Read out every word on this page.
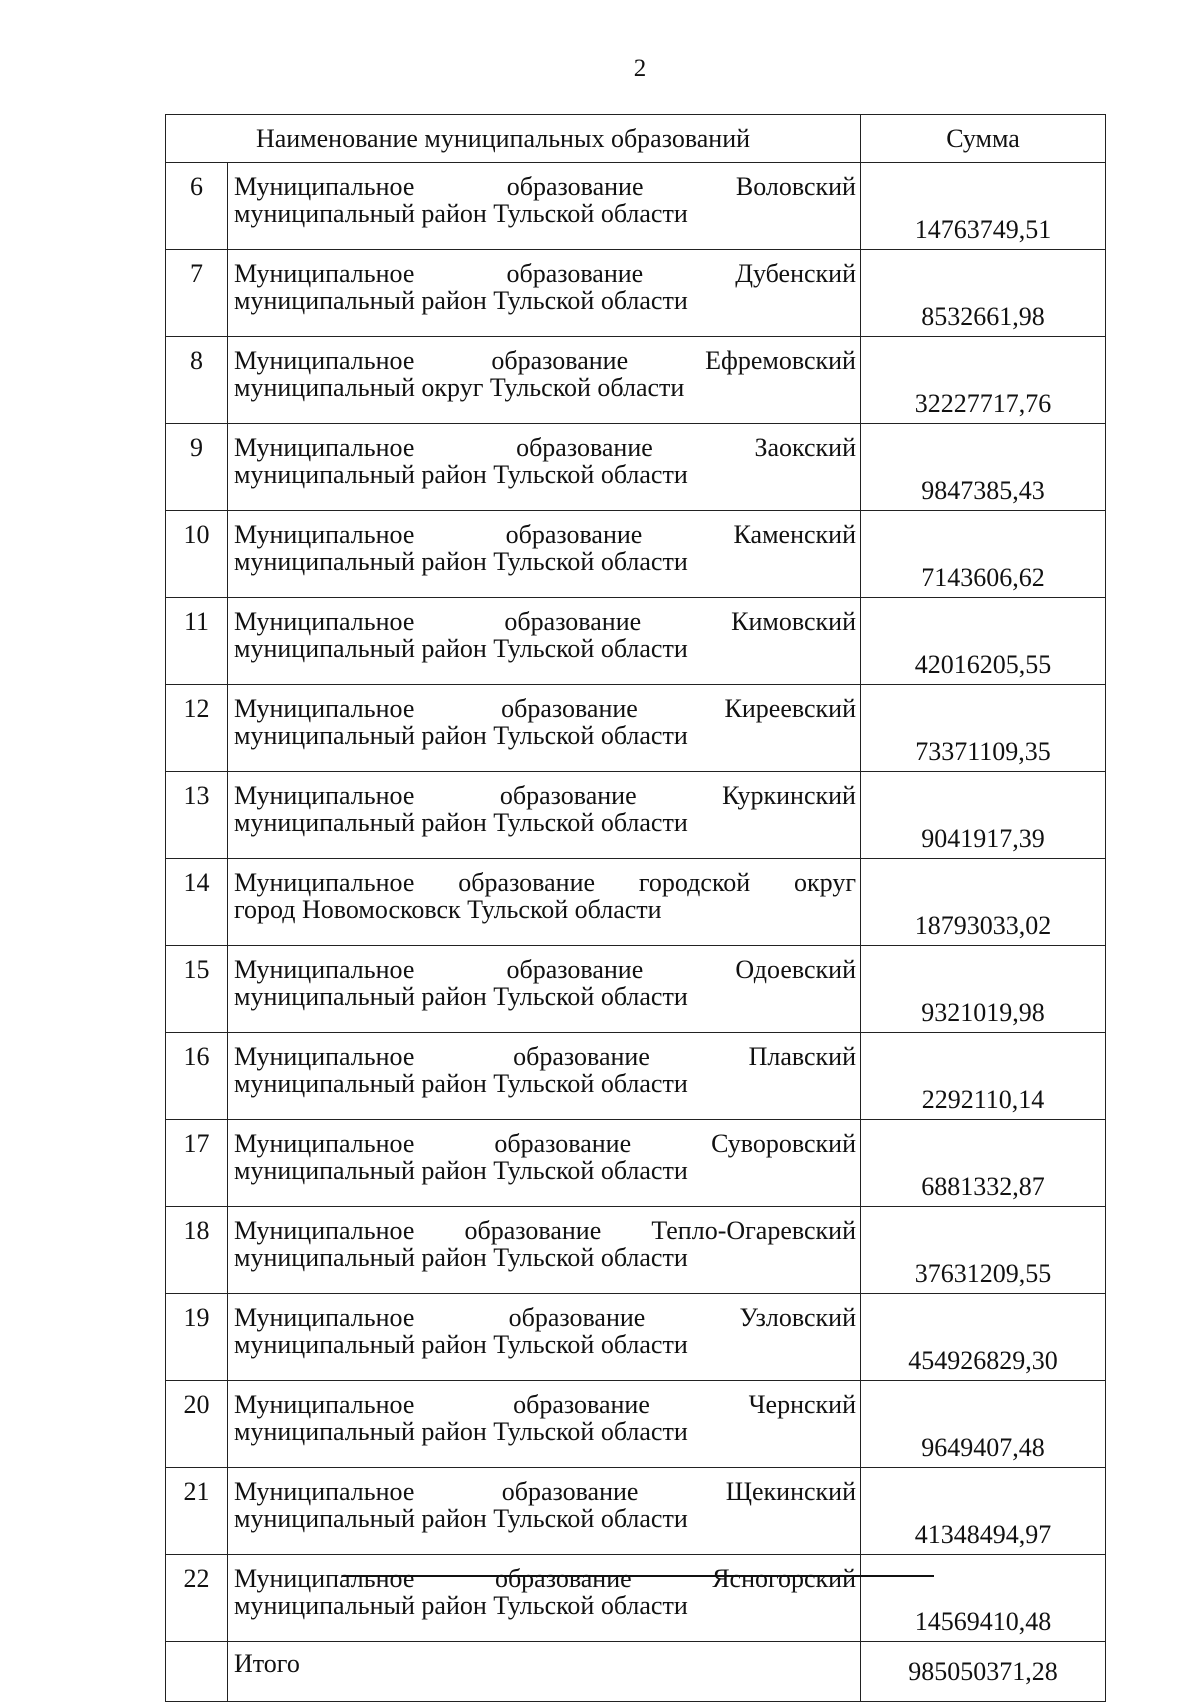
2
Наименование муниципальных образований		Сумма
6	Муниципальное образование Воловский
муниципальный район Тульской области	14763749,51
7	Муниципальное образование Дубенский
муниципальный район Тульской области	8532661,98
8	Муниципальное образование Ефремовский
муниципальный округ Тульской области	32227717,76
9	Муниципальное образование Заокский
муниципальный район Тульской области	9847385,43
10	Муниципальное образование Каменский
муниципальный район Тульской области	7143606,62
11	Муниципальное образование Кимовский
муниципальный район Тульской области	42016205,55
12	Муниципальное образование Киреевский
муниципальный район Тульской области	73371109,35
13	Муниципальное образование Куркинский
муниципальный район Тульской области	9041917,39
14	Муниципальное образование городской округ
город Новомосковск Тульской области	18793033,02
15	Муниципальное образование Одоевский
муниципальный район Тульской области	9321019,98
16	Муниципальное образование Плавский
муниципальный район Тульской области	2292110,14
17	Муниципальное образование Суворовский
муниципальный район Тульской области	6881332,87
18	Муниципальное образование Тепло-Огаревский
муниципальный район Тульской области	37631209,55
19	Муниципальное образование Узловский
муниципальный район Тульской области	454926829,30
20	Муниципальное образование Чернский
муниципальный район Тульской области	9649407,48
21	Муниципальное образование Щекинский
муниципальный район Тульской области	41348494,97
22	Муниципальное образование Ясногорский
муниципальный район Тульской области	14569410,48
	Итого	985050371,28
